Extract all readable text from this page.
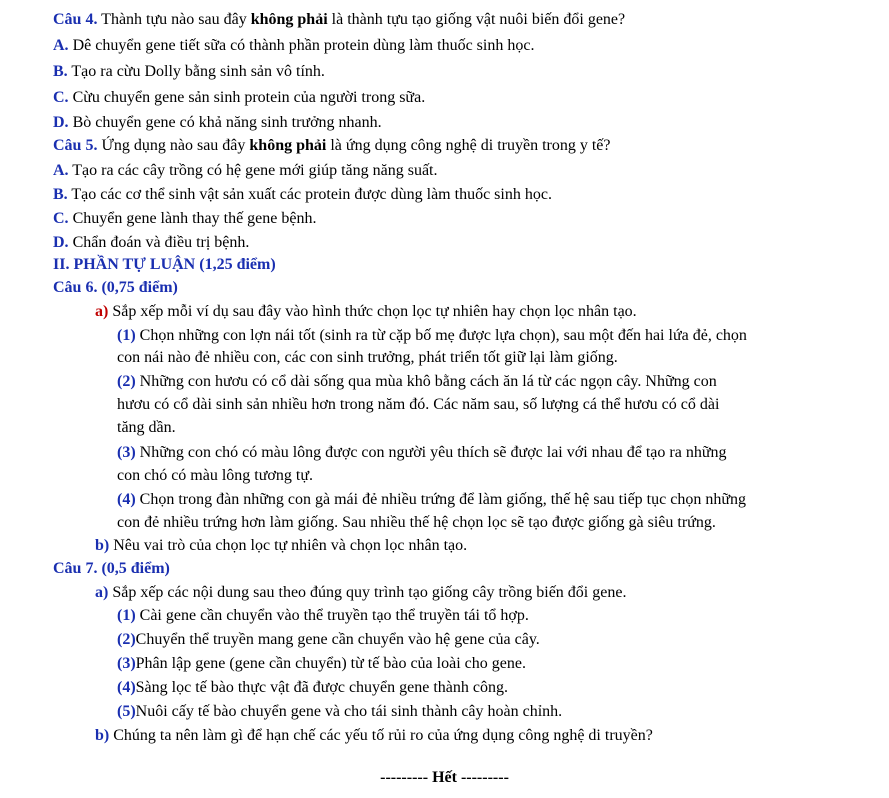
Câu 4. Thành tựu nào sau đây không phải là thành tựu tạo giống vật nuôi biến đổi gene?
A. Dê chuyển gene tiết sữa có thành phần protein dùng làm thuốc sinh học.
B. Tạo ra cừu Dolly bằng sinh sản vô tính.
C. Cừu chuyển gene sản sinh protein của người trong sữa.
D. Bò chuyển gene có khả năng sinh trưởng nhanh.
Câu 5. Ứng dụng nào sau đây không phải là ứng dụng công nghệ di truyền trong y tế?
A. Tạo ra các cây trồng có hệ gene mới giúp tăng năng suất.
B. Tạo các cơ thể sinh vật sản xuất các protein được dùng làm thuốc sinh học.
C. Chuyển gene lành thay thế gene bệnh.
D. Chẩn đoán và điều trị bệnh.
II. PHẦN TỰ LUẬN (1,25 điểm)
Câu 6. (0,75 điểm)
a) Sắp xếp mỗi ví dụ sau đây vào hình thức chọn lọc tự nhiên hay chọn lọc nhân tạo.
(1) Chọn những con lợn nái tốt (sinh ra từ cặp bố mẹ được lựa chọn), sau một đến hai lứa đẻ, chọn
con nái nào đẻ nhiều con, các con sinh trưởng, phát triển tốt giữ lại làm giống.
(2) Những con hươu có cổ dài sống qua mùa khô bằng cách ăn lá từ các ngọn cây. Những con
hươu có cổ dài sinh sản nhiều hơn trong năm đó. Các năm sau, số lượng cá thể hươu có cổ dài
tăng dần.
(3) Những con chó có màu lông được con người yêu thích sẽ được lai với nhau để tạo ra những
con chó có màu lông tương tự.
(4) Chọn trong đàn những con gà mái đẻ nhiều trứng để làm giống, thế hệ sau tiếp tục chọn những
con đẻ nhiều trứng hơn làm giống. Sau nhiều thế hệ chọn lọc sẽ tạo được giống gà siêu trứng.
b) Nêu vai trò của chọn lọc tự nhiên và chọn lọc nhân tạo.
Câu 7. (0,5 điểm)
a) Sắp xếp các nội dung sau theo đúng quy trình tạo giống cây trồng biến đổi gene.
(1) Cài gene cần chuyển vào thể truyền tạo thể truyền tái tổ hợp.
(2)Chuyển thể truyền mang gene cần chuyển vào hệ gene của cây.
(3)Phân lập gene (gene cần chuyển) từ tế bào của loài cho gene.
(4)Sàng lọc tế bào thực vật đã được chuyển gene thành công.
(5)Nuôi cấy tế bào chuyển gene và cho tái sinh thành cây hoàn chỉnh.
b) Chúng ta nên làm gì để hạn chế các yếu tố rủi ro của ứng dụng công nghệ di truyền?
--------- Hết ---------
